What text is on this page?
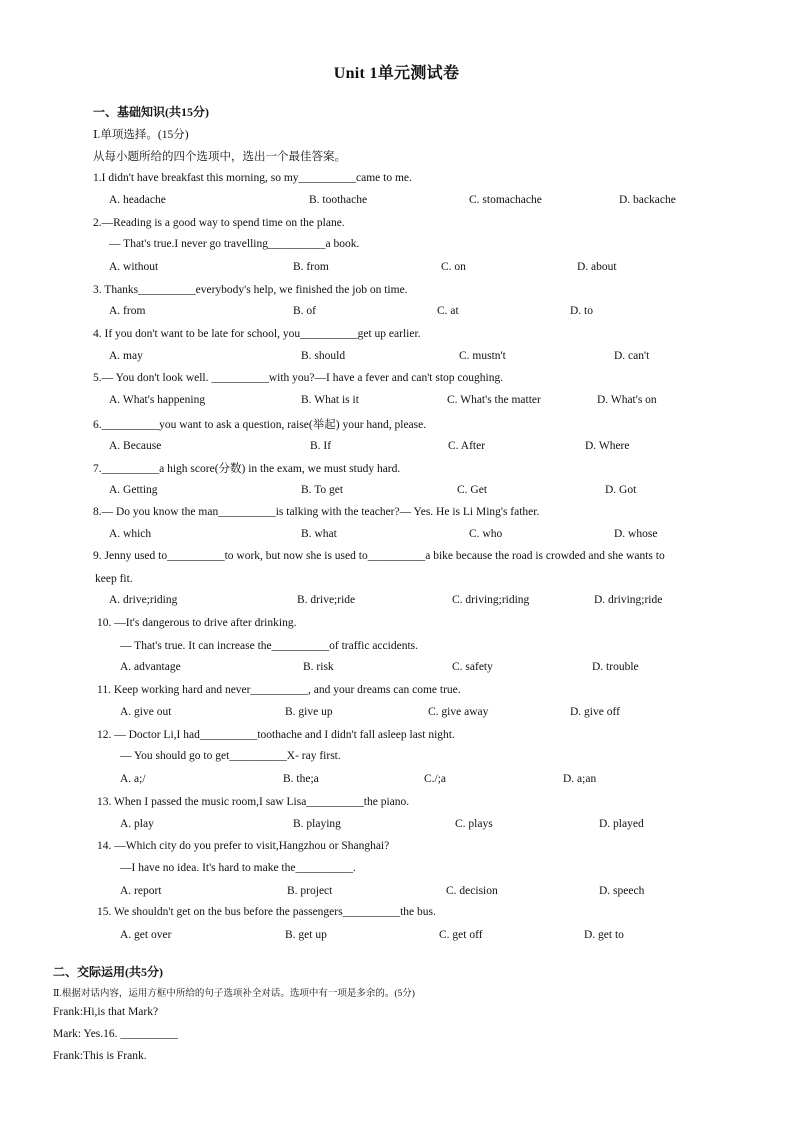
Unit 1单元测试卷
一、基础知识(共15分)
Ⅰ.单项选择。(15分)
从每小题所给的四个选项中，选出一个最佳答案。
1.I didn't have breakfast this morning, so my__________came to me.
A. headache	B. toothache	C. stomachache	D. backache
2.—Reading is a good way to spend time on the plane.
— That's true.I never go travelling__________a book.
A. without	B. from	C. on	D. about
3. Thanks__________everybody's help, we finished the job on time.
A. from	B. of	C. at	D. to
4. If you don't want to be late for school, you__________get up earlier.
A. may	B. should	C. mustn't	D. can't
5.— You don't look well. __________with you?—I have a fever and can't stop coughing.
A. What's happening	B. What is it	C. What's the matter	D. What's on
6.__________you want to ask a question, raise(举起) your hand, please.
A. Because	B. If	C. After	D. Where
7.__________a high score(分数) in the exam, we must study hard.
A. Getting	B. To get	C. Get	D. Got
8.— Do you know the man__________is talking with the teacher?— Yes. He is Li Ming's father.
A. which	B. what	C. who	D. whose
9. Jenny used to__________to work, but now she is used to__________a bike because the road is crowded and she wants to
keep fit.
A. drive;riding	B. drive;ride	C. driving;riding	D. driving;ride
10. —It's dangerous to drive after drinking.
— That's true. It can increase the__________of traffic accidents.
A. advantage	B. risk	C. safety	D. trouble
11. Keep working hard and never__________, and your dreams can come true.
A. give out	B. give up	C. give away	D. give off
12. — Doctor Li,I had__________toothache and I didn't fall asleep last night.
— You should go to get__________X- ray first.
A. a;/	B. the;a	C./;a	D. a;an
13. When I passed the music room,I saw Lisa__________the piano.
A. play	B. playing	C. plays	D. played
14. —Which city do you prefer to visit,Hangzhou or Shanghai?
—I have no idea. It's hard to make the__________.
A. report	B. project	C. decision	D. speech
15. We shouldn't get on the bus before the passengers__________the bus.
A. get over	B. get up	C. get off	D. get to
二、交际运用(共5分)
Ⅱ.根据对话内容，运用方框中所给的句子选项补全对话。选项中有一项是多余的。(5分)
Frank:Hi,is that Mark?
Mark: Yes.16. __________
Frank:This is Frank.
